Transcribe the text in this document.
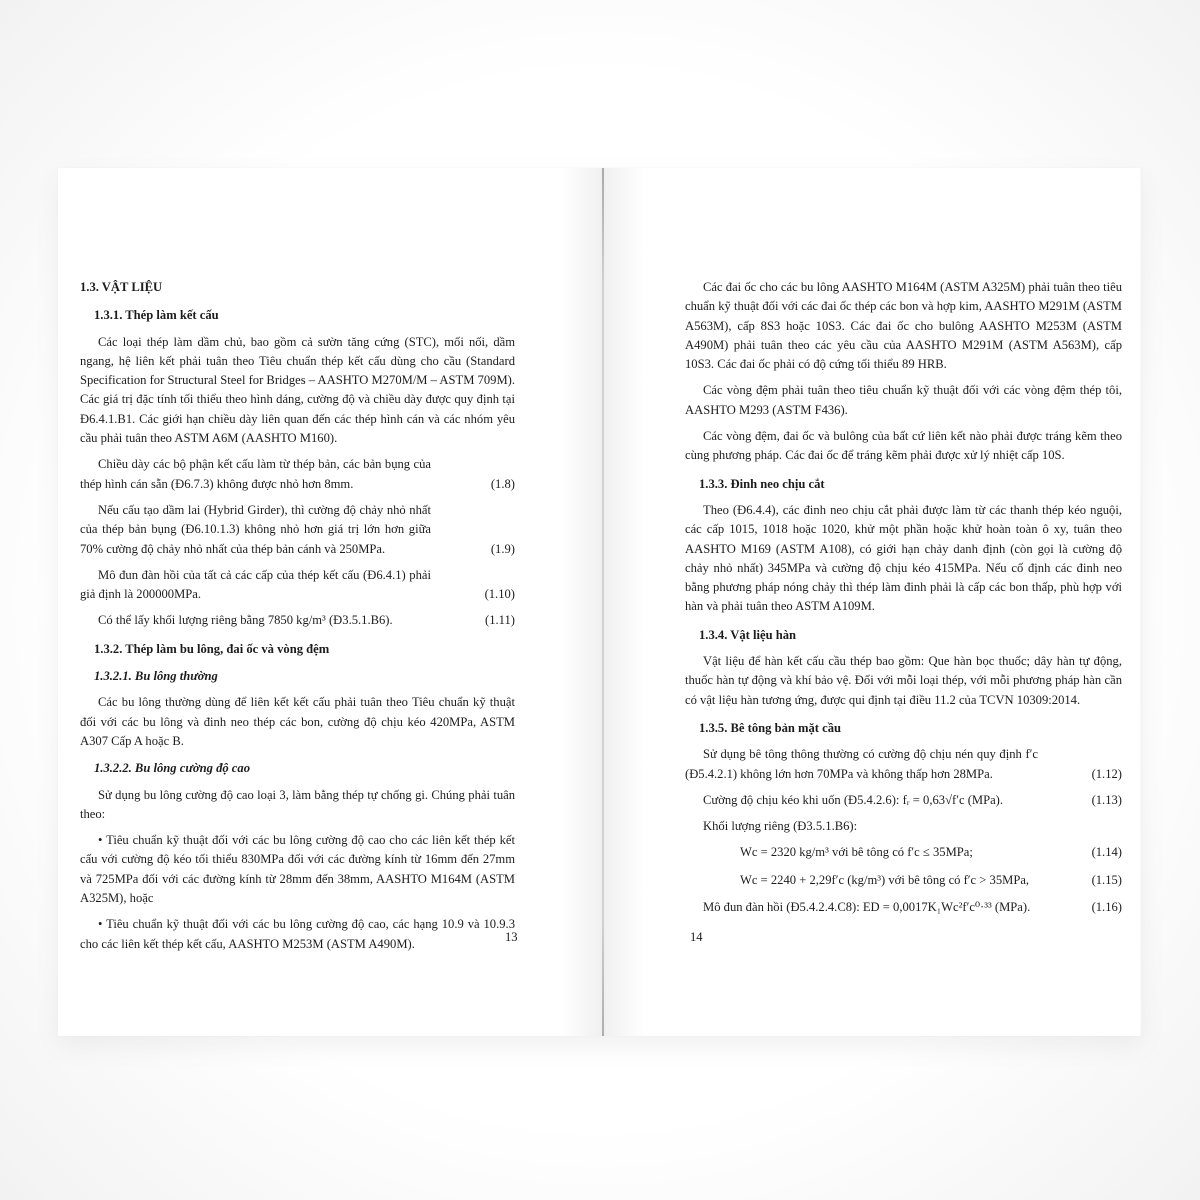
1.3. VẬT LIỆU
1.3.1. Thép làm kết cấu
Các loại thép làm dầm chủ, bao gồm cả sườn tăng cứng (STC), mối nối, dầm ngang, hệ liên kết phải tuân theo Tiêu chuẩn thép kết cấu dùng cho cầu (Standard Specification for Structural Steel for Bridges – AASHTO M270M/M – ASTM 709M). Các giá trị đặc tính tối thiểu theo hình dáng, cường độ và chiều dày được quy định tại Đ6.4.1.B1. Các giới hạn chiều dày liên quan đến các thép hình cán và các nhóm yêu cầu phải tuân theo ASTM A6M (AASHTO M160).
Chiều dày các bộ phận kết cấu làm từ thép bản, các bản bụng của thép hình cán sẵn (Đ6.7.3) không được nhỏ hơn 8mm.	(1.8)
Nếu cấu tạo dầm lai (Hybrid Girder), thì cường độ chảy nhỏ nhất của thép bản bụng (Đ6.10.1.3) không nhỏ hơn giá trị lớn hơn giữa 70% cường độ chảy nhỏ nhất của thép bản cánh và 250MPa.	(1.9)
Mô đun đàn hồi của tất cả các cấp của thép kết cấu (Đ6.4.1) phải giả định là 200000MPa.	(1.10)
Có thể lấy khối lượng riêng bằng 7850 kg/m³ (Đ3.5.1.B6).	(1.11)
1.3.2. Thép làm bu lông, đai ốc và vòng đệm
1.3.2.1. Bu lông thường
Các bu lông thường dùng để liên kết kết cấu phải tuân theo Tiêu chuẩn kỹ thuật đối với các bu lông và đinh neo thép các bon, cường độ chịu kéo 420MPa, ASTM A307 Cấp A hoặc B.
1.3.2.2. Bu lông cường độ cao
Sử dụng bu lông cường độ cao loại 3, làm bằng thép tự chống gi. Chúng phải tuân theo:
• Tiêu chuẩn kỹ thuật đối với các bu lông cường độ cao cho các liên kết thép kết cấu với cường độ kéo tối thiểu 830MPa đối với các đường kính từ 16mm đến 27mm và 725MPa đối với các đường kính từ 28mm đến 38mm, AASHTO M164M (ASTM A325M), hoặc
• Tiêu chuẩn kỹ thuật đối với các bu lông cường độ cao, các hạng 10.9 và 10.9.3 cho các liên kết thép kết cấu, AASHTO M253M (ASTM A490M).
Các đai ốc cho các bu lông AASHTO M164M (ASTM A325M) phải tuân theo tiêu chuẩn kỹ thuật đối với các đai ốc thép các bon và hợp kim, AASHTO M291M (ASTM A563M), cấp 8S3 hoặc 10S3. Các đai ốc cho bulông AASHTO M253M (ASTM A490M) phải tuân theo các yêu cầu của AASHTO M291M (ASTM A563M), cấp 10S3. Các đai ốc phải có độ cứng tối thiểu 89 HRB.
Các vòng đệm phải tuân theo tiêu chuẩn kỹ thuật đối với các vòng đệm thép tôi, AASHTO M293 (ASTM F436).
Các vòng đệm, đai ốc và bulông của bất cứ liên kết nào phải được tráng kẽm theo cùng phương pháp. Các đai ốc để tráng kẽm phải được xử lý nhiệt cấp 10S.
1.3.3. Đinh neo chịu cắt
Theo (Đ6.4.4), các đinh neo chịu cắt phải được làm từ các thanh thép kéo nguội, các cấp 1015, 1018 hoặc 1020, khử một phần hoặc khử hoàn toàn ô xy, tuân theo AASHTO M169 (ASTM A108), có giới hạn chảy danh định (còn gọi là cường độ chảy nhỏ nhất) 345MPa và cường độ chịu kéo 415MPa. Nếu cố định các đinh neo bằng phương pháp nóng chảy thì thép làm đinh phải là cấp các bon thấp, phù hợp với hàn và phải tuân theo ASTM A109M.
1.3.4. Vật liệu hàn
Vật liệu để hàn kết cấu cầu thép bao gồm: Que hàn bọc thuốc; dây hàn tự động, thuốc hàn tự động và khí bảo vệ. Đối với mỗi loại thép, với mỗi phương pháp hàn cần có vật liệu hàn tương ứng, được qui định tại điều 11.2 của TCVN 10309:2014.
1.3.5. Bê tông bản mặt cầu
Sử dụng bê tông thông thường có cường độ chịu nén quy định f′c (Đ5.4.2.1) không lớn hơn 70MPa và không thấp hơn 28MPa.	(1.12)
Cường độ chịu kéo khi uốn (Đ5.4.2.6): fᵣ = 0,63√f′c (MPa).	(1.13)
Khối lượng riêng (Đ3.5.1.B6):
Wc = 2320 kg/m³ với bê tông có f′c ≤ 35MPa;	(1.14)
Wc = 2240 + 2,29f′c (kg/m³) với bê tông có f′c > 35MPa,	(1.15)
Mô đun đàn hồi (Đ5.4.2.4.C8): ED = 0,0017K₁Wc²f′c⁰·³³ (MPa).	(1.16)
13	14
